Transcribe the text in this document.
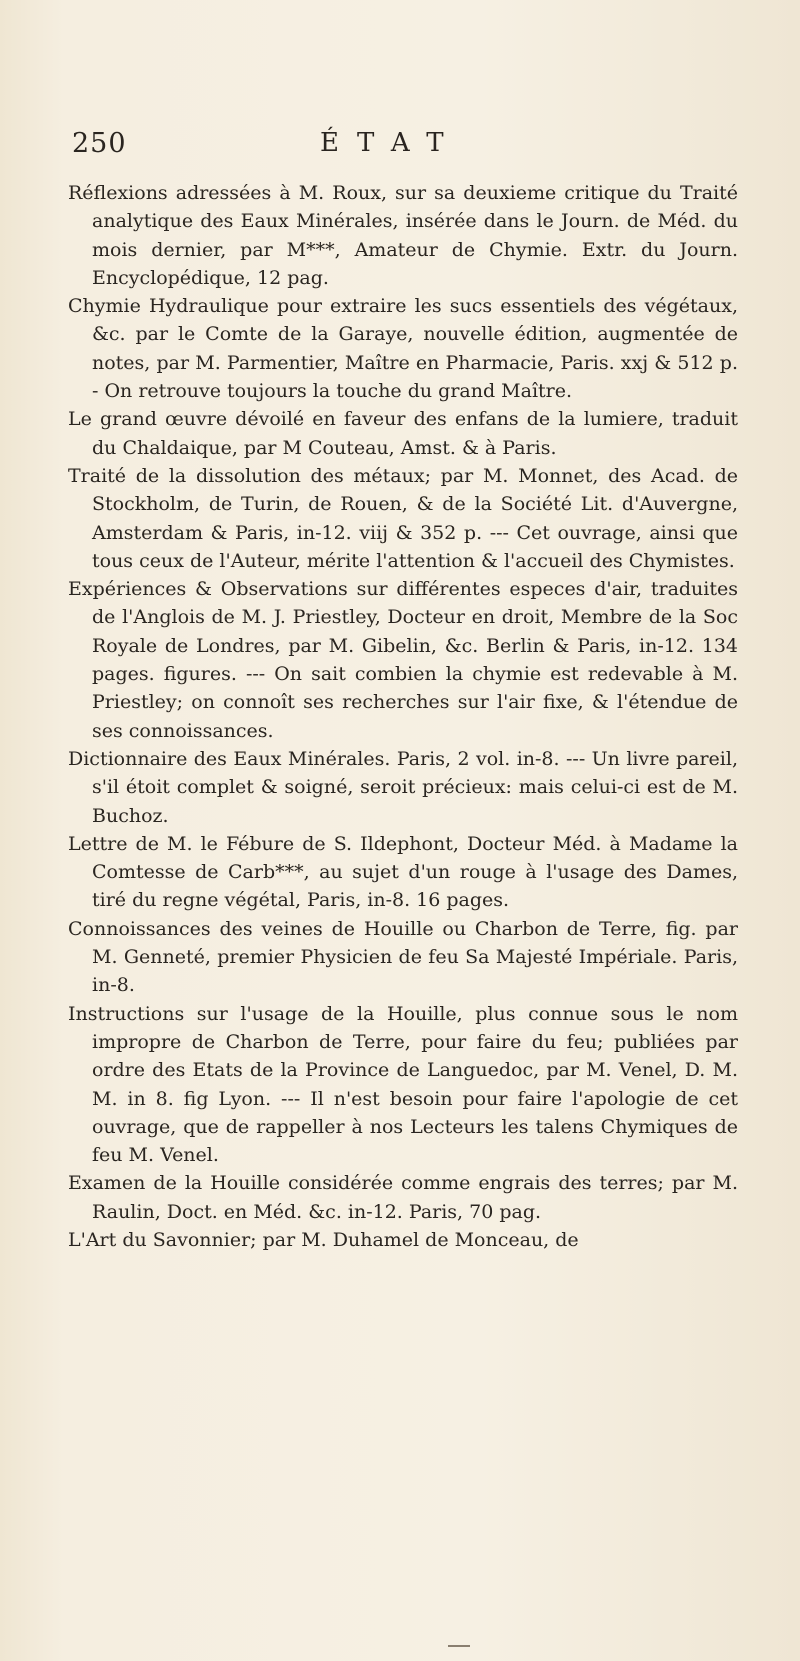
250	ÉTAT

Réflexions adressées à M. Roux, sur sa deuxieme critique du Traité analytique des Eaux Minérales, insérée dans le Journ. de Méd. du mois dernier, par M***, Amateur de Chymie. Extr. du Journ. Encyclopédique, 12 pag.

Chymie Hydraulique pour extraire les sucs essentiels des végétaux, &c. par le Comte de la Garaye, nouvelle édition, augmentée de notes, par M. Parmentier, Maître en Pharmacie, Paris. xxj & 512 p. - On retrouve toujours la touche du grand Maître.

Le grand œuvre dévoilé en faveur des enfans de la lumiere, traduit du Chaldaique, par M Couteau, Amst. & à Paris.

Traité de la dissolution des métaux; par M. Monnet, des Acad. de Stockholm, de Turin, de Rouen, & de la Société Lit. d'Auvergne, Amsterdam & Paris, in-12. viij & 352 p. --- Cet ouvrage, ainsi que tous ceux de l'Auteur, mérite l'attention & l'accueil des Chymistes.

Expériences & Observations sur différentes especes d'air, traduites de l'Anglois de M. J. Priestley, Docteur en droit, Membre de la Soc Royale de Londres, par M. Gibelin, &c. Berlin & Paris, in-12. 134 pages. figures. --- On sait combien la chymie est redevable à M. Priestley; on connoît ses recherches sur l'air fixe, & l'étendue de ses connoissances.

Dictionnaire des Eaux Minérales. Paris, 2 vol. in-8. --- Un livre pareil, s'il étoit complet & soigné, seroit précieux: mais celui-ci est de M. Buchoz.

Lettre de M. le Fébure de S. Ildephont, Docteur Méd. à Madame la Comtesse de Carb***, au sujet d'un rouge à l'usage des Dames, tiré du regne végétal, Paris, in-8. 16 pages.

Connoissances des veines de Houille ou Charbon de Terre, fig. par M. Genneté, premier Physicien de feu Sa Majesté Impériale. Paris, in-8.

Instructions sur l'usage de la Houille, plus connue sous le nom impropre de Charbon de Terre, pour faire du feu; publiées par ordre des Etats de la Province de Languedoc, par M. Venel, D. M. M. in 8. fig Lyon. --- Il n'est besoin pour faire l'apologie de cet ouvrage, que de rappeller à nos Lecteurs les talens Chymiques de feu M. Venel.

Examen de la Houille considérée comme engrais des terres; par M. Raulin, Doct. en Méd. &c. in-12. Paris, 70 pag.

L'Art du Savonnier; par M. Duhamel de Monceau, de
